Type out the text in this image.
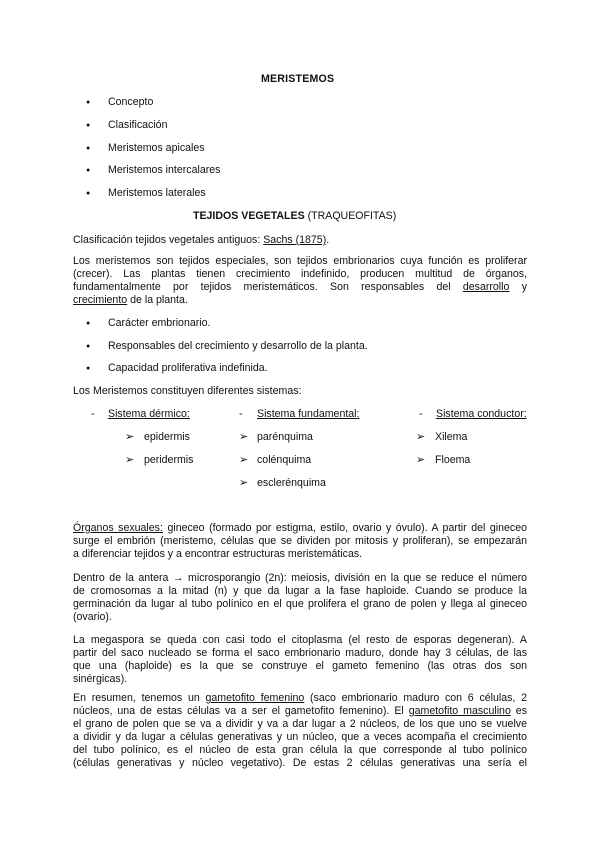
MERISTEMOS
● Concepto
● Clasificación
● Meristemos apicales
● Meristemos intercalares
● Meristemos laterales
TEJIDOS VEGETALES (TRAQUEOFITAS)
Clasificación tejidos vegetales antiguos: Sachs (1875).
Los meristemos son tejidos especiales, son tejidos embrionarios cuya función es proliferar
(crecer). Las plantas tienen crecimiento indefinido, producen multitud de órganos,
fundamentalmente por tejidos meristemáticos. Son responsables del desarrollo y
crecimiento de la planta.
● Carácter embrionario.
● Responsables del crecimiento y desarrollo de la planta.
● Capacidad proliferativa indefinida.
Los Meristemos constituyen diferentes sistemas:
- Sistema dérmico:	- Sistema fundamental:	- Sistema conductor:
➢ epidermis
➢ peridermis
➢ parénquima
➢ colénquima
➢ esclerénquima
➢ Xilema
➢ Floema
Órganos sexuales: gineceo (formado por estigma, estilo, ovario y óvulo). A partir del gineceo
surge el embrión (meristemo, células que se dividen por mitosis y proliferan), se empezarán
a diferenciar tejidos y a encontrar estructuras meristemáticas.
Dentro de la antera → microsporangio (2n): meiosis, división en la que se reduce el número
de cromosomas a la mitad (n) y que da lugar a la fase haploide. Cuando se produce la
germinación da lugar al tubo polínico en el que prolifera el grano de polen y llega al gineceo
(ovario).
La megaspora se queda con casi todo el citoplasma (el resto de esporas degeneran). A
partir del saco nucleado se forma el saco embrionario maduro, donde hay 3 células, de las
que una (haploide) es la que se construye el gameto femenino (las otras dos son
sinérgicas).
En resumen, tenemos un gametofito femenino (saco embrionario maduro con 6 células, 2
núcleos, una de estas células va a ser el gametofito femenino). El gametofito masculino es
el grano de polen que se va a dividir y va a dar lugar a 2 núcleos, de los que uno se vuelve
a dividir y da lugar a células generativas y un núcleo, que a veces acompaña el crecimiento
del tubo polínico, es el núcleo de esta gran célula la que corresponde al tubo polínico
(células generativas y núcleo vegetativo). De estas 2 células generativas una sería el
